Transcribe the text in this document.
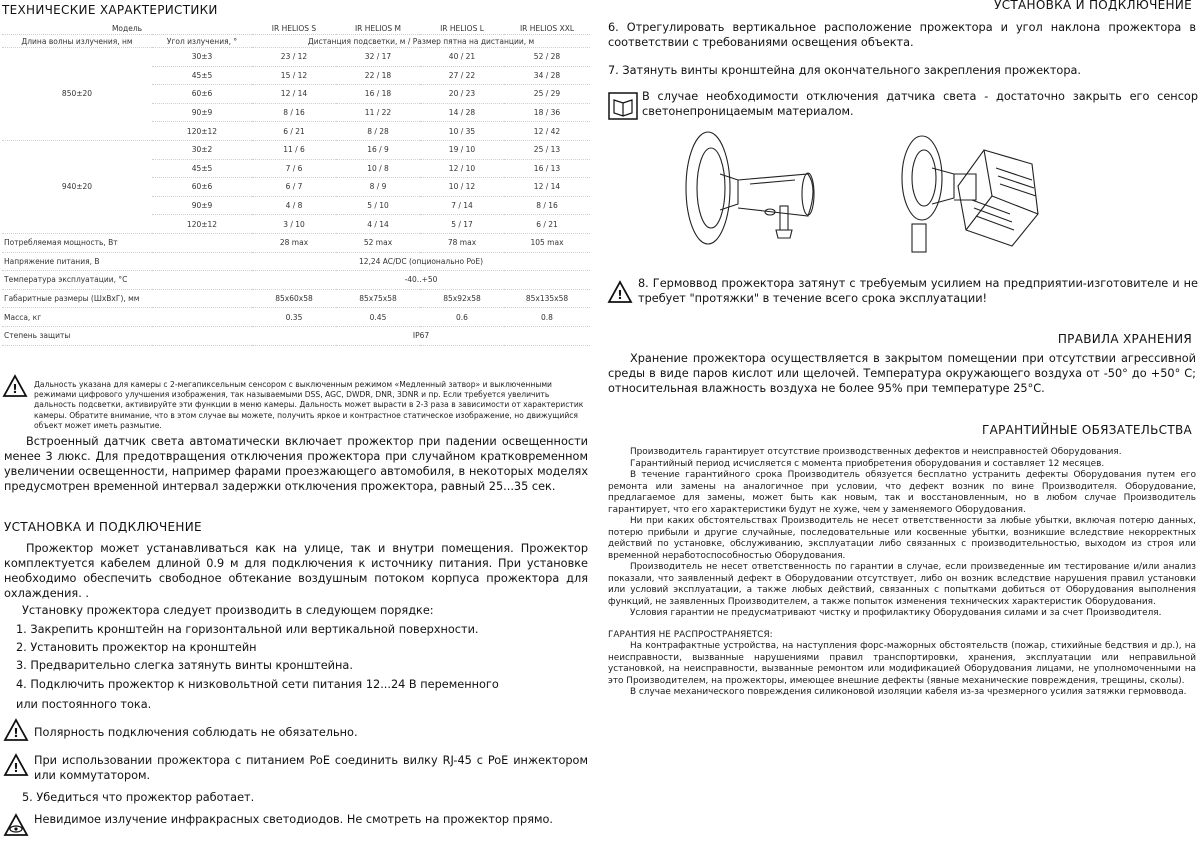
ТЕХНИЧЕСКИЕ ХАРАКТЕРИСТИКИ
Модель		IR HELIOS S	IR HELIOS M	IR HELIOS L	IR HELIOS XXL
Длина волны излучения, нм	Угол излучения, °	Дистанция подсветки, м / Размер пятна на дистанции, м			
850±20	30±3	23 / 12	32 / 17	40 / 21	52 / 28
	45±5	15 / 12	22 / 18	27 / 22	34 / 28
	60±6	12 / 14	16 / 18	20 / 23	25 / 29
	90±9	8 / 16	11 / 22	14 / 28	18 / 36
	120±12	6 / 21	8 / 28	10 / 35	12 / 42
940±20	30±2	11 / 6	16 / 9	19 / 10	25 / 13
	45±5	7 / 6	10 / 8	12 / 10	16 / 13
	60±6	6 / 7	8 / 9	10 / 12	12 / 14
	90±9	4 / 8	5 / 10	7 / 14	8 / 16
	120±12	3 / 10	4 / 14	5 / 17	6 / 21
Потребляемая мощность, Вт		28 max	52 max	78 max	105 max
Напряжение питания, В		12,24 AC/DC (опционально PoE)			
Температура эксплуатации, °С		-40..+50			
Габаритные размеры (ШхВхГ), мм		85х60х58	85х75х58	85х92х58	85х135х58
Масса, кг		0.35	0.45	0.6	0.8
Степень защиты		IP67			
! Дальность указана для камеры с 2-мегапиксельным сенсором с выключенным режимом «Медленный затвор» и выключенными режимами цифрового улучшения изображения, так называемыми DSS, AGC, DWDR, DNR, 3DNR и пр. Если требуется увеличить дальность подсветки, активируйте эти функции в меню камеры. Дальность может вырасти в 2-3 раза в зависимости от характеристик камеры. Обратите внимание, что в этом случае вы можете, получить яркое и контрастное статическое изображение, но движущийся объект может иметь размытие.
Встроенный датчик света автоматически включает прожектор при падении освещенности менее 3 люкс. Для предотвращения отключения прожектора при случайном кратковременном увеличении освещенности, например фарами проезжающего автомобиля, в некоторых моделях предусмотрен временной интервал задержки отключения прожектора, равный 25...35 сек.
УСТАНОВКА И ПОДКЛЮЧЕНИЕ
Прожектор может устанавливаться как на улице, так и внутри помещения. Прожектор комплектуется кабелем длиной 0.9 м для подключения к источнику питания. При установке необходимо обеспечить свободное обтекание воздушным потоком корпуса прожектора для охлаждения. .
Установку прожектора следует производить в следующем порядке:
1. Закрепить кронштейн на горизонтальной или вертикальной поверхности.
2. Установить прожектор на кронштейн
3. Предварительно слегка затянуть винты кронштейна.
4. Подключить прожектор к низковольтной сети питания 12...24 В переменного
или постоянного тока.
! Полярность подключения соблюдать не обязательно.
!
При использовании прожектора с питанием PoE соединить вилку RJ-45 с PoE инжектором или коммутатором.
5. Убедиться что прожектор работает.
Невидимое излучение инфракрасных светодиодов. Не смотреть на прожектор прямо.
УСТАНОВКА И ПОДКЛЮЧЕНИЕ
6. Отрегулировать вертикальное расположение прожектора и угол наклона прожектора в соответствии с требованиями освещения объекта.
7. Затянуть винты кронштейна для окончательного закрепления прожектора.
В случае необходимости отключения датчика света - достаточно закрыть его сенсор светонепроницаемым материалом.
!
8. Гермоввод прожектора затянут с требуемым усилием на предприятии-изготовителе и не требует "протяжки" в течение всего срока эксплуатации!
ПРАВИЛА ХРАНЕНИЯ
Хранение прожектора осуществляется в закрытом помещении при отсутствии агрессивной среды в виде паров кислот или щелочей. Температура окружающего воздуха от -50° до +50° С; относительная влажность воздуха не более 95% при температуре 25°С.
ГАРАНТИЙНЫЕ ОБЯЗАТЕЛЬСТВА

Производитель гарантирует отсутствие производственных дефектов и неисправностей Оборудования.

Гарантийный период исчисляется с момента приобретения оборудования и составляет 12 месяцев.

В течение гарантийного срока Производитель обязуется бесплатно устранить дефекты Оборудования путем его ремонта или замены на аналогичное при условии, что дефект возник по вине Производителя. Оборудование, предлагаемое для замены, может быть как новым, так и восстановленным, но в любом случае Производитель гарантирует, что его характеристики будут не хуже, чем у заменяемого Оборудования.

Ни при каких обстоятельствах Производитель не несет ответственности за любые убытки, включая потерю данных, потерю прибыли и другие случайные, последовательные или косвенные убытки, возникшие вследствие некорректных действий по установке, обслуживанию, эксплуатации либо связанных с производительностью, выходом из строя или временной неработоспособностью Оборудования.

Производитель не несет ответственность по гарантии в случае, если произведенные им тестирование и/или анализ показали, что заявленный дефект в Оборудовании отсутствует, либо он возник вследствие нарушения правил установки или условий эксплуатации, а также любых действий, связанных с попытками добиться от Оборудования выполнения функций, не заявленных Производителем, а также попыток изменения технических характеристик Оборудования.

Условия гарантии не предусматривают чистку и профилактику Оборудования силами и за счет Производителя.

ГАРАНТИЯ НЕ РАСПРОСТРАНЯЕТСЯ:

На контрафактные устройства, на наступления форс-мажорных обстоятельств (пожар, стихийные бедствия и др.), на неисправности, вызванные нарушениями правил транспортировки, хранения, эксплуатации или неправильной установкой, на неисправности, вызванные ремонтом или модификацией Оборудования лицами, не уполномоченными на это Производителем, на прожекторы, имеющее внешние дефекты (явные механические повреждения, трещины, сколы).

В случае механического повреждения силиконовой изоляции кабеля из-за чрезмерного усилия затяжки гермоввода.
